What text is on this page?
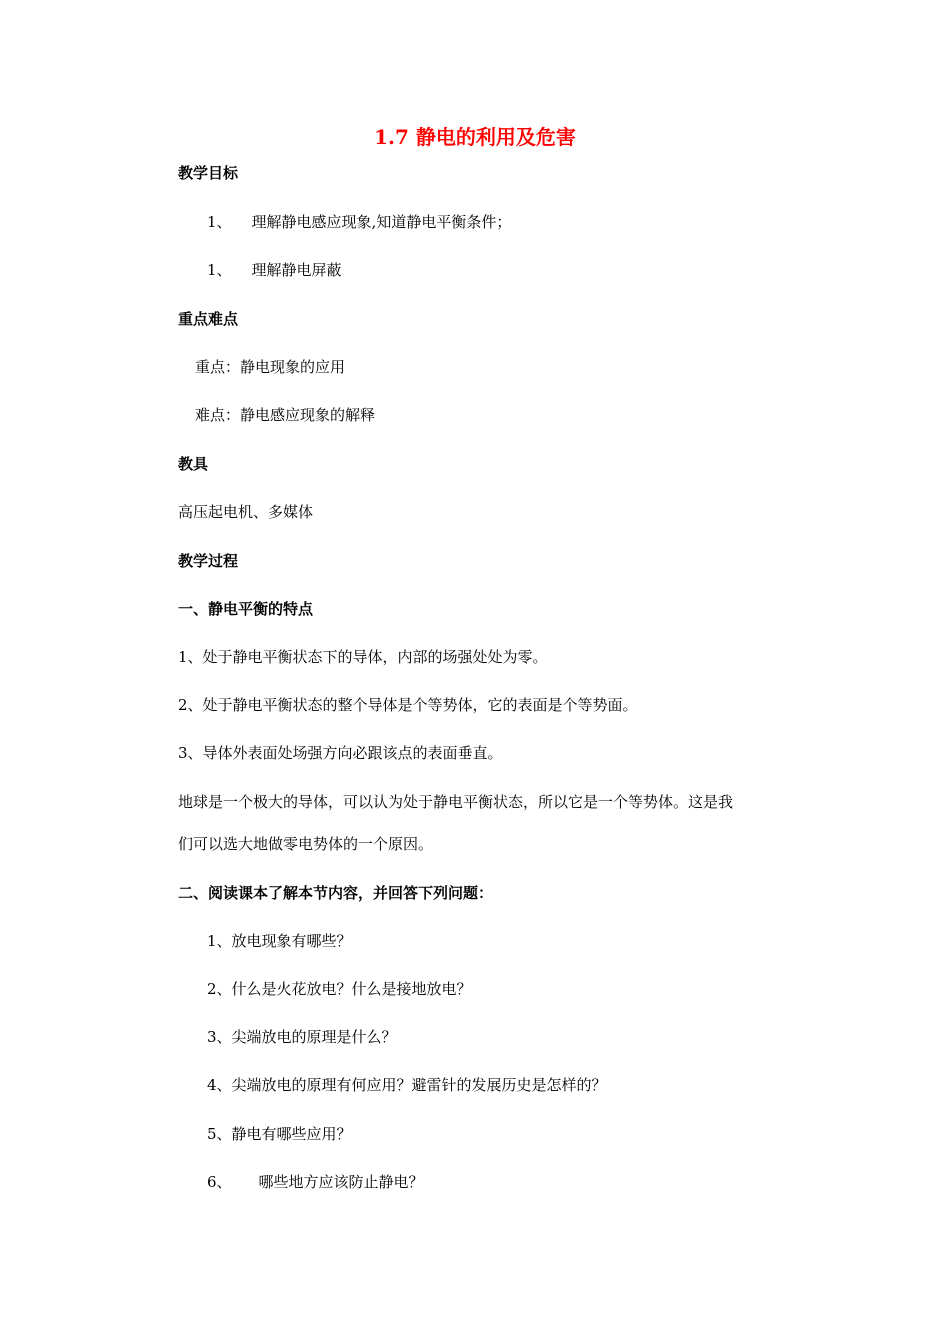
1.7 静电的利用及危害
教学目标
1、 理解静电感应现象,知道静电平衡条件；
1、 理解静电屏蔽
重点难点
重点：静电现象的应用
难点：静电感应现象的解释
教具
高压起电机、多媒体
教学过程
一、静电平衡的特点
1、处于静电平衡状态下的导体，内部的场强处处为零。
2、处于静电平衡状态的整个导体是个等势体，它的表面是个等势面。
3、导体外表面处场强方向必跟该点的表面垂直。
地球是一个极大的导体，可以认为处于静电平衡状态，所以它是一个等势体。这是我
们可以选大地做零电势体的一个原因。
二、阅读课本了解本节内容，并回答下列问题：
1、放电现象有哪些？
2、什么是火花放电？什么是接地放电？
3、尖端放电的原理是什么？
4、尖端放电的原理有何应用？避雷针的发展历史是怎样的？
5、静电有哪些应用？
6、 哪些地方应该防止静电？
